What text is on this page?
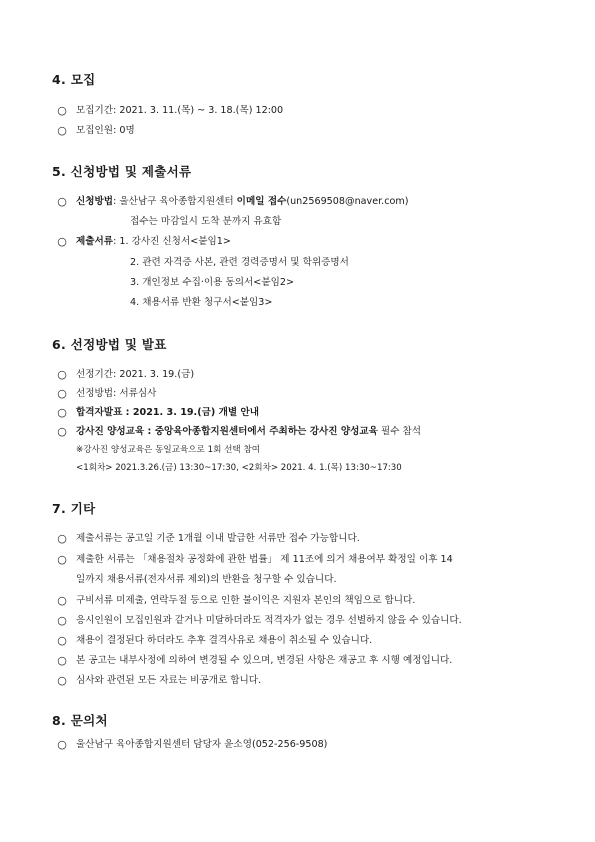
4. 모집
○ 모집기간: 2021. 3. 11.(목) ~ 3. 18.(목) 12:00
○ 모집인원: 0명
5. 신청방법 및 제출서류
○ 신청방법: 울산남구 육아종합지원센터 이메일 접수(un2569508@naver.com)
접수는 마감일시 도착 분까지 유효함
○ 제출서류: 1. 강사진 신청서<붙임1>
2. 관련 자격증 사본, 관련 경력증명서 및 학위증명서
3. 개인정보 수집·이용 동의서<붙임2>
4. 채용서류 반환 청구서<붙임3>
6. 선정방법 및 발표
○ 선정기간: 2021. 3. 19.(금)
○ 선정방법: 서류심사
○ 합격자발표 : 2021. 3. 19.(금) 개별 안내
○ 강사진 양성교육 : 중앙육아종합지원센터에서 주최하는 강사진 양성교육 필수 참석
※강사진 양성교육은 동일교육으로 1회 선택 참여
<1회차> 2021.3.26.(금) 13:30~17:30, <2회차> 2021. 4. 1.(목) 13:30~17:30
7. 기타
○ 제출서류는 공고일 기준 1개월 이내 발급한 서류만 접수 가능합니다.
○ 제출한 서류는 「채용절차 공정화에 관한 법률」 제 11조에 의거 채용여부 확정일 이후 14
일까지 채용서류(전자서류 제외)의 반환을 청구할 수 있습니다.
○ 구비서류 미제출, 연락두절 등으로 인한 불이익은 지원자 본인의 책임으로 합니다.
○ 응시인원이 모집인원과 같거나 미달하더라도 적격자가 없는 경우 선별하지 않을 수 있습니다.
○ 채용이 결정된다 하더라도 추후 결격사유로 채용이 취소될 수 있습니다.
○ 본 공고는 내부사정에 의하여 변경될 수 있으며, 변경된 사항은 재공고 후 시행 예정입니다.
○ 심사와 관련된 모든 자료는 비공개로 합니다.
8. 문의처
○ 울산남구 육아종합지원센터 담당자 윤소영(052-256-9508)
